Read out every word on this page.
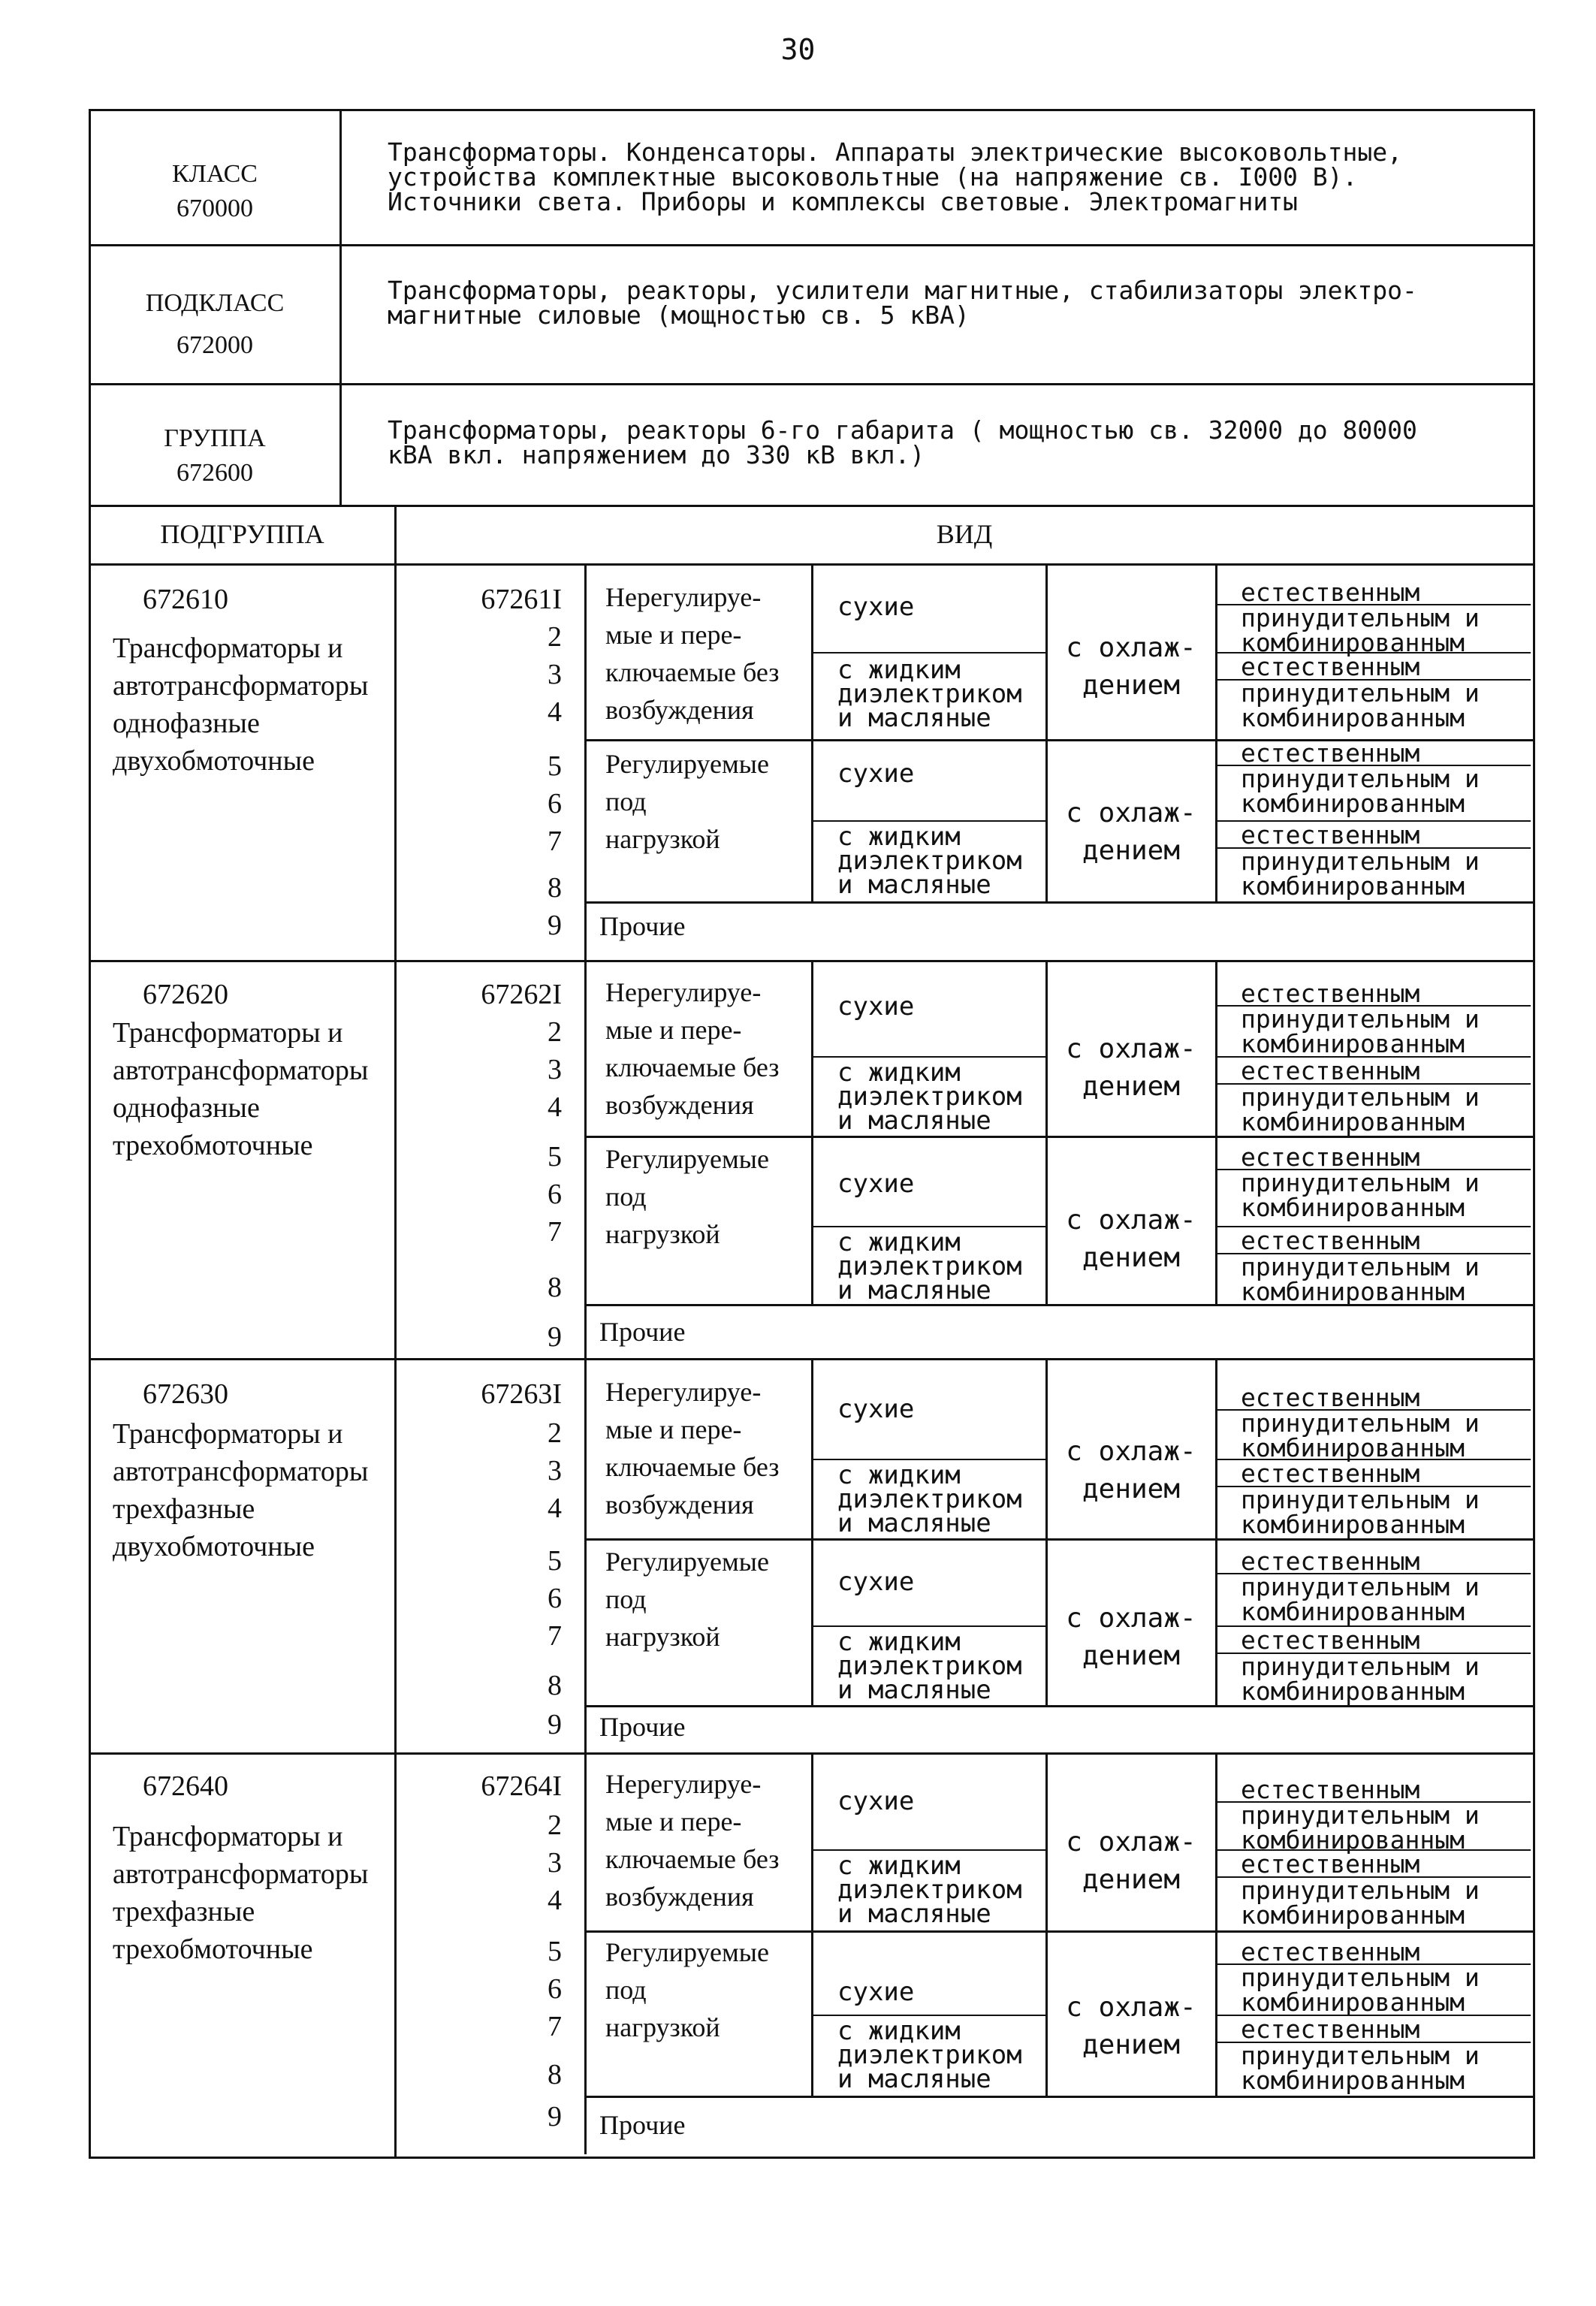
30
КЛАСС
670000
Трансформаторы. Конденсаторы. Аппараты электрические высоковольтные,
устройства комплектные высоковольтные (на напряжение св. I000 В).
Источники света. Приборы и комплексы световые. Электромагниты
ПОДКЛАСС
672000
Трансформаторы, реакторы, усилители магнитные, стабилизаторы электро-
магнитные силовые (мощностью св. 5 кВА)
ГРУППА
672600
Трансформаторы, реакторы 6-го габарита ( мощностью св. 32000 до 80000
кВА вкл. напряжением до 330 кВ вкл.)
ПОДГРУППА	ВИД
672610
Трансформаторы и
автотрансформаторы
однофазные
двухобмоточные
67261I
2
3
4
5
6
7
8
9
Нерегулируе-
мые и пере-
ключаемые без
возбуждения
Регулируемые
под
нагрузкой
сухие
с жидким
диэлектриком
и масляные
сухие
с жидким
диэлектриком
и масляные
с охлаж-
дением
с охлаж-
дением
естественным
принудительным и
комбинированным
естественным
принудительным и
комбинированным
естественным
принудительным и
комбинированным
естественным
принудительным и
комбинированным
Прочие
672620
Трансформаторы и
автотрансформаторы
однофазные
трехобмоточные
67262I
2
3
4
5
6
7
8
9
Нерегулируе-
мые и пере-
ключаемые без
возбуждения
Регулируемые
под
нагрузкой
сухие
с жидким
диэлектриком
и масляные
сухие
с жидким
диэлектриком
и масляные
с охлаж-
дением
с охлаж-
дением
естественным
принудительным и
комбинированным
естественным
принудительным и
комбинированным
естественным
принудительным и
комбинированным
естественным
принудительным и
комбинированным
Прочие
672630
Трансформаторы и
автотрансформаторы
трехфазные
двухобмоточные
67263I
2
3
4
5
6
7
8
9
Нерегулируе-
мые и пере-
ключаемые без
возбуждения
Регулируемые
под
нагрузкой
сухие
с жидким
диэлектриком
и масляные
сухие
с жидким
диэлектриком
и масляные
с охлаж-
дением
с охлаж-
дением
естественным
принудительным и
комбинированным
естественным
принудительным и
комбинированным
естественным
принудительным и
комбинированным
естественным
принудительным и
комбинированным
Прочие
672640
Трансформаторы и
автотрансформаторы
трехфазные
трехобмоточные
67264I
2
3
4
5
6
7
8
9
Нерегулируе-
мые и пере-
ключаемые без
возбуждения
Регулируемые
под
нагрузкой
сухие
с жидким
диэлектриком
и масляные
сухие
с жидким
диэлектриком
и масляные
с охлаж-
дением
с охлаж-
дением
естественным
принудительным и
комбинированным
естественным
принудительным и
комбинированным
естественным
принудительным и
комбинированным
естественным
принудительным и
комбинированным
Прочие
